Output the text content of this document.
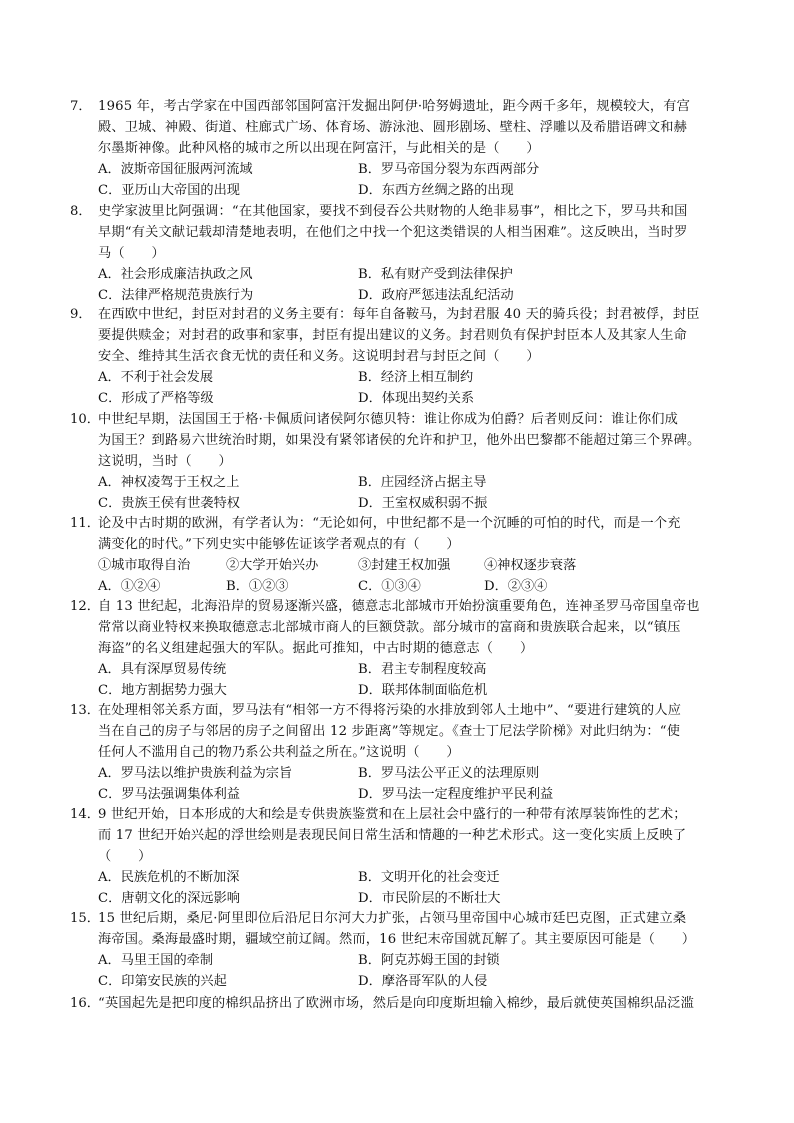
7． 1965 年，考古学家在中国西部邻国阿富汗发掘出阿伊·哈努姆遗址，距今两千多年，规模较大，有宫
殿、卫城、神殿、街道、柱廊式广场、体育场、游泳池、圆形剧场、壁柱、浮雕以及希腊语碑文和赫
尔墨斯神像。此种风格的城市之所以出现在阿富汗，与此相关的是（　　）
A．波斯帝国征服两河流域	B．罗马帝国分裂为东西两部分
C．亚历山大帝国的出现	D．东西方丝绸之路的出现
8． 史学家波里比阿强调：“在其他国家，要找不到侵吞公共财物的人绝非易事”，相比之下，罗马共和国
早期“有关文献记载却清楚地表明，在他们之中找一个犯这类错误的人相当困难”。这反映出，当时罗
马（　　）
A．社会形成廉洁执政之风	B．私有财产受到法律保护
C．法律严格规范贵族行为	D．政府严惩违法乱纪活动
9． 在西欧中世纪，封臣对封君的义务主要有：每年自备鞍马，为封君服 40 天的骑兵役；封君被俘，封臣
要提供赎金；对封君的政事和家事，封臣有提出建议的义务。封君则负有保护封臣本人及其家人生命
安全、维持其生活衣食无忧的责任和义务。这说明封君与封臣之间（　　）
A．不利于社会发展	B．经济上相互制约
C．形成了严格等级	D．体现出契约关系
10．
中世纪早期，法国国王于格·卡佩质问诸侯阿尔德贝特：谁让你成为伯爵？后者则反问：谁让你们成
为国王？到路易六世统治时期，如果没有紧邻诸侯的允许和护卫，他外出巴黎都不能超过第三个界碑。
这说明，当时（　　）
A．神权凌驾于王权之上	B．庄园经济占据主导
C．贵族王侯有世袭特权	D．王室权威积弱不振
11．
论及中古时期的欧洲，有学者认为：“无论如何，中世纪都不是一个沉睡的可怕的时代，而是一个充
满变化的时代。”下列史实中能够佐证该学者观点的有（　　）
①城市取得自治	②大学开始兴办	③封建王权加强	④神权逐步衰落
A．①②④	B．①②③	C．①③④	D．②③④
12．
自 13 世纪起，北海沿岸的贸易逐渐兴盛，德意志北部城市开始扮演重要角色，连神圣罗马帝国皇帝也
常常以商业特权来换取德意志北部城市商人的巨额贷款。部分城市的富商和贵族联合起来，以“镇压
海盗”的名义组建起强大的军队。据此可推知，中古时期的德意志（　　）
A．具有深厚贸易传统	B．君主专制程度较高
C．地方割据势力强大	D．联邦体制面临危机
13．
在处理相邻关系方面，罗马法有“相邻一方不得将污染的水排放到邻人土地中”、“要进行建筑的人应
当在自己的房子与邻居的房子之间留出 12 步距离”等规定。《查士丁尼法学阶梯》对此归纳为：“使
任何人不滥用自己的物乃系公共利益之所在。”这说明（　　）
A．罗马法以维护贵族利益为宗旨	B．罗马法公平正义的法理原则
C．罗马法强调集体利益	D．罗马法一定程度维护平民利益
14．
9 世纪开始，日本形成的大和绘是专供贵族鉴赏和在上层社会中盛行的一种带有浓厚装饰性的艺术；
而 17 世纪开始兴起的浮世绘则是表现民间日常生活和情趣的一种艺术形式。这一变化实质上反映了
（　　）
A．民族危机的不断加深	B．文明开化的社会变迁
C．唐朝文化的深远影响	D．市民阶层的不断壮大
15．
15 世纪后期，桑尼·阿里即位后沿尼日尔河大力扩张，占领马里帝国中心城市廷巴克图，正式建立桑
海帝国。桑海最盛时期，疆域空前辽阔。然而，16 世纪末帝国就瓦解了。其主要原因可能是（　　）
A．马里王国的牵制	B．阿克苏姆王国的封锁
C．印第安民族的兴起	D．摩洛哥军队的人侵
16．
“英国起先是把印度的棉织品挤出了欧洲市场，然后是向印度斯坦输入棉纱，最后就使英国棉织品泛滥
